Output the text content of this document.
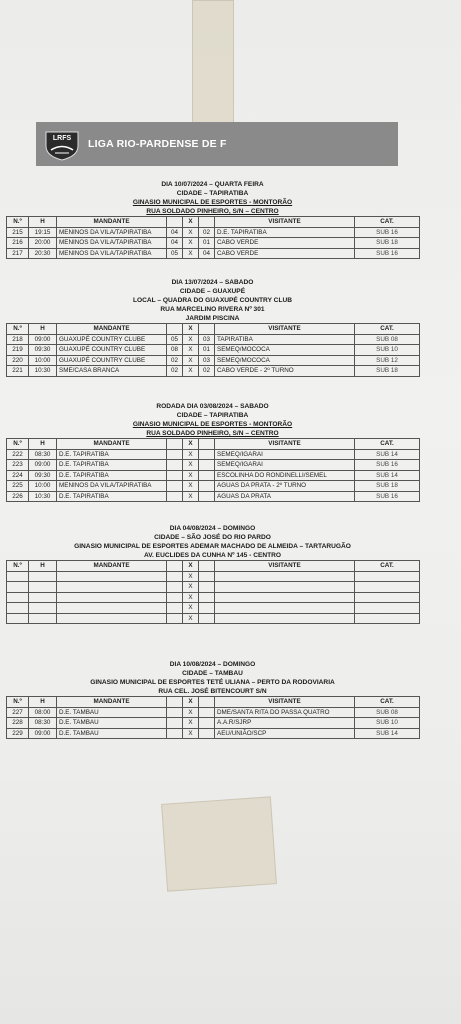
LRFS LIGA RIO-PARDENSE DE F
DIA 10/07/2024 – QUARTA FEIRA
CIDADE – TAPIRATIBA
GINASIO MUNICIPAL DE ESPORTES - MONTORÃO
RUA SOLDADO PINHEIRO, S/N – CENTRO
N.º	H	MANDANTE		X		VISITANTE	CAT.
215	19:15	MENINOS DA VILA/TAPIRATIBA	04	X	02	D.E. TAPIRATIBA	SUB 16
216	20:00	MENINOS DA VILA/TAPIRATIBA	04	X	01	CABO VERDE	SUB 18
217	20:30	MENINOS DA VILA/TAPIRATIBA	05	X	04	CABO VERDE	SUB 16
DIA 13/07/2024 – SABADO
CIDADE – GUAXUPÉ
LOCAL – QUADRA DO GUAXUPÉ COUNTRY CLUB
RUA MARCELINO RIVERA Nº 301
JARDIM PISCINA
N.º	H	MANDANTE		X		VISITANTE	CAT.
218	09:00	GUAXUPÉ COUNTRY CLUBE	05	X	03	TAPIRATIBA	SUB 08
219	09:30	GUAXUPÉ COUNTRY CLUBE	08	X	01	SEMEQ/MOCOCA	SUB 10
220	10:00	GUAXUPÉ COUNTRY CLUBE	02	X	03	SEMEQ/MOCOCA	SUB 12
221	10:30	SME/CASA BRANCA	02	X	02	CABO VERDE - 2º TURNO	SUB 18
RODADA DIA 03/08/2024 – SABADO
CIDADE – TAPIRATIBA
GINASIO MUNICIPAL DE ESPORTES - MONTORÃO
RUA SOLDADO PINHEIRO, S/N – CENTRO
N.º	H	MANDANTE		X		VISITANTE	CAT.
222	08:30	D.E. TAPIRATIBA		X		SEMEQ/IGARAI	SUB 14
223	09:00	D.E. TAPIRATIBA		X		SEMEQ/IGARAI	SUB 16
224	09:30	D.E. TAPIRATIBA		X		ESCOLINHA DO RONDINELLI/SEMEL	SUB 14
225	10:00	MENINOS DA VILA/TAPIRATIBA		X		AGUAS DA PRATA - 2º TURNO	SUB 18
226	10:30	D.E. TAPIRATIBA		X		AGUAS DA PRATA	SUB 16
DIA 04/08/2024 – DOMINGO
CIDADE – SÃO JOSÉ DO RIO PARDO
GINASIO MUNICIPAL DE ESPORTES ADEMAR MACHADO DE ALMEIDA – TARTARUGÃO
AV. EUCLIDES DA CUNHA Nº 145 - CENTRO
N.º	H	MANDANTE		X		VISITANTE	CAT.
				X			
				X			
				X			
				X			
				X			
DIA 10/08/2024 – DOMINGO
CIDADE – TAMBAU
GINASIO MUNICIPAL DE ESPORTES TETÉ ULIANA – PERTO DA RODOVIARIA
RUA CEL. JOSÉ BITENCOURT S/N
N.º	H	MANDANTE		X		VISITANTE	CAT.
227	08:00	D.E. TAMBAU		X		DME/SANTA RITA DO PASSA QUATRO	SUB 08
228	08:30	D.E. TAMBAU		X		A.A.R/SJRP	SUB 10
229	09:00	D.E. TAMBAU		X		AEU/UNIÃO/SCP	SUB 14
